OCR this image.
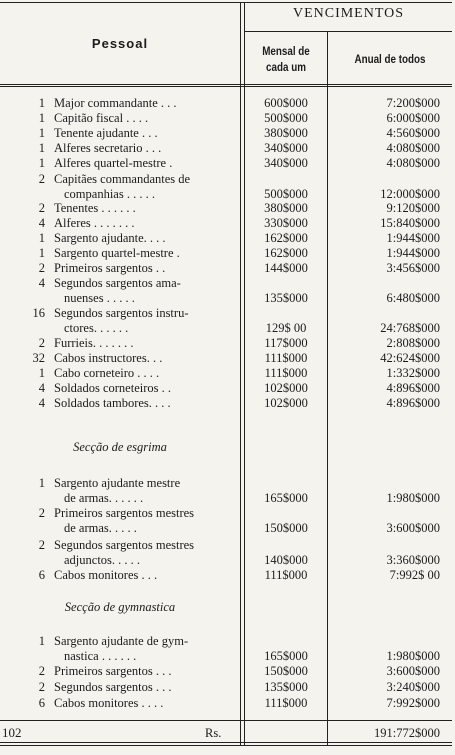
VENCIMENTOS
Pessoal	Mensal de
cada um
Anual de todos
1 Major commandante . . .	600$000	7:200$000
1 Capitão fiscal . . . .	500$000	6:000$000
1 Tenente ajudante . . .	380$000	4:560$000
1 Alferes secretario . . .	340$000	4:080$000
1 Alferes quartel-mestre .	340$000	4:080$000
2 Capitães commandantes de
companhias . . . . .	500$000	12:000$000
2 Tenentes . . . . . .	380$000	9:120$000
4 Alferes . . . . . . .	330$000	15:840$000
1 Sargento ajudante. . . .	162$000	1:944$000
1 Sargento quartel-mestre .	162$000	1:944$000
2 Primeiros sargentos . .	144$000	3:456$000
4 Segundos sargentos ama-
nuenses . . . . .	135$000	6:480$000
16 Segundos sargentos instru-
ctores. . . . . .	129$ 00	24:768$000
2 Furrieis. . . . . . .	117$000	2:808$000
32 Cabos instructores. . .	111$000	42:624$000
1 Cabo corneteiro . . . .	111$000	1:332$000
4 Soldados corneteiros . .	102$000	4:896$000
4 Soldados tambores. . . .	102$000	4:896$000
Secção de esgrima
1 Sargento ajudante mestre
de armas. . . . . .	165$000	1:980$000
2 Primeiros sargentos mestres
de armas. . . . .	150$000	3:600$000
2 Segundos sargentos mestres
adjunctos. . . . .	140$000	3:360$000
6 Cabos monitores . . .	111$000	7:992$ 00
Secção de gymnastica
1 Sargento ajudante de gym-
nastica . . . . . .	165$000	1:980$000
2 Primeiros sargentos . . .	150$000	3:600$000
2 Segundos sargentos . . .	135$000	3:240$000
6 Cabos monitores . . . .	111$000	7:992$000
102	Rs.	191:772$000
